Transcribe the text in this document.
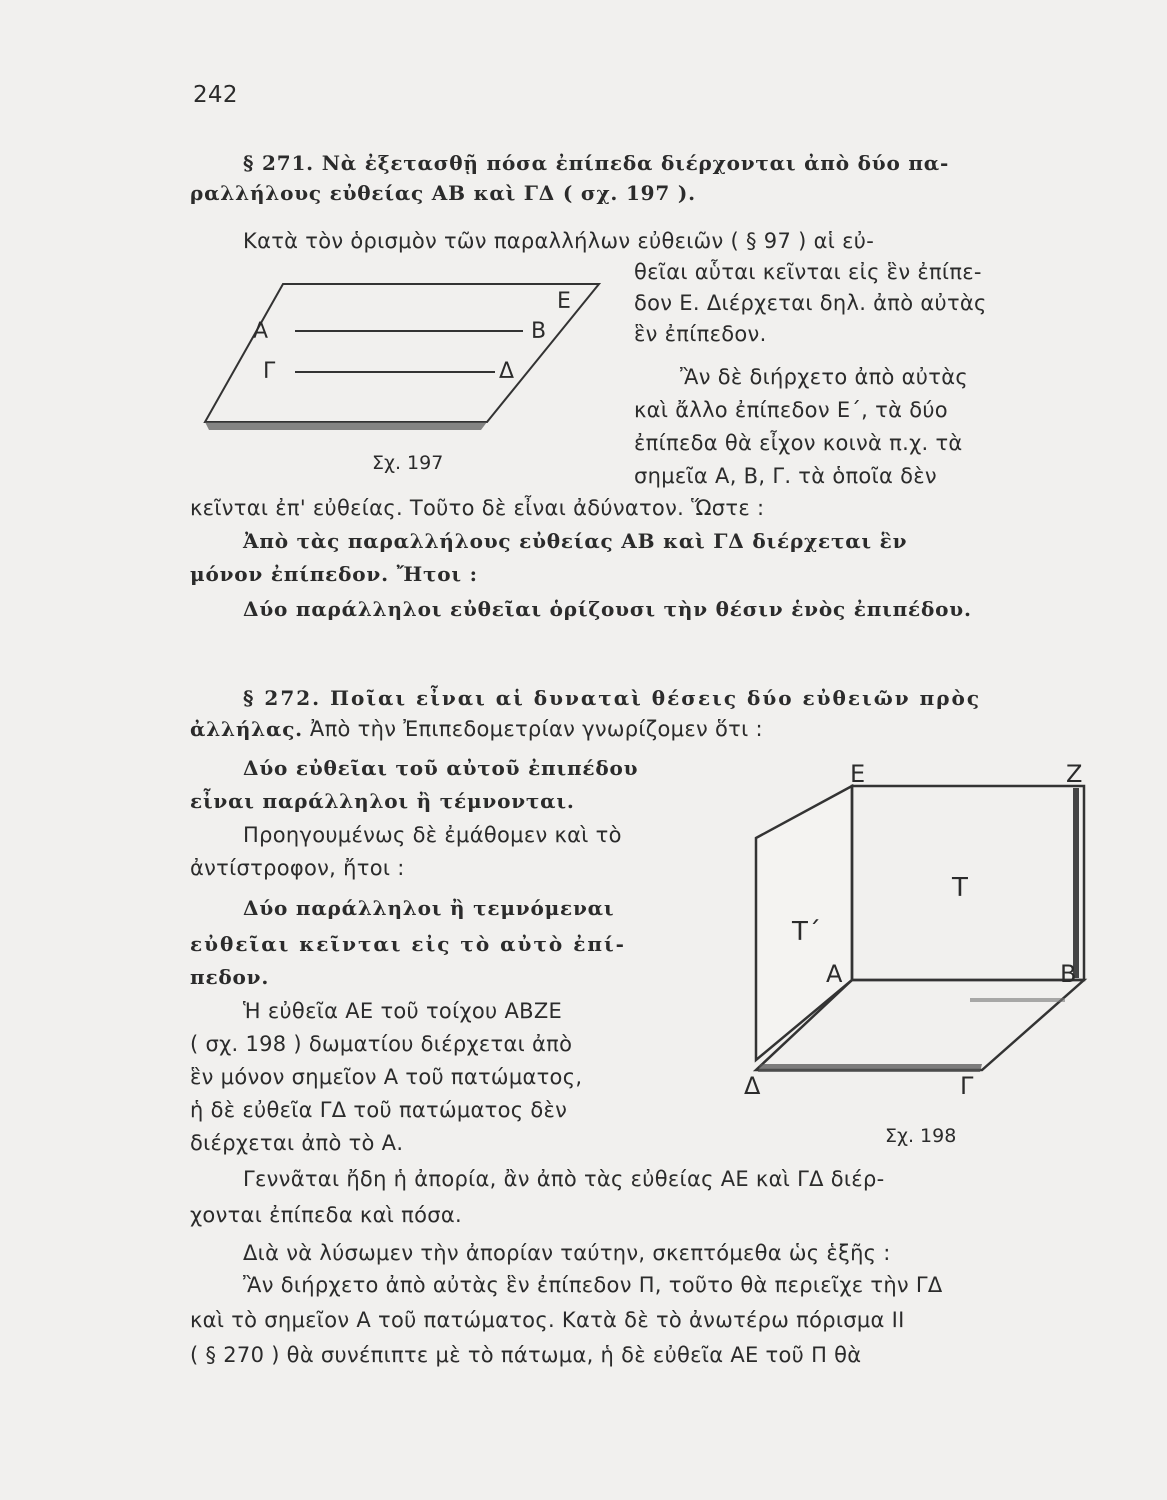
242
§ 271. Νὰ ἐξετασθῇ πόσα ἐπίπεδα διέρχονται ἀπὸ δύο πα-
ραλλήλους εὐθείας ΑΒ καὶ ΓΔ ( σχ. 197 ).
Κατὰ τὸν ὁρισμὸν τῶν παραλλήλων εὐθειῶν ( § 97 ) αἱ εὐ-
θεῖαι αὗται κεῖνται εἰς ἓν ἐπίπε-
δον Ε. Διέρχεται δηλ. ἀπὸ αὐτὰς
ἓν ἐπίπεδον.
Ἂν δὲ διήρχετο ἀπὸ αὐτὰς
καὶ ἄλλο ἐπίπεδον Ε΄, τὰ δύο
ἐπίπεδα θὰ εἶχον κοινὰ π.χ. τὰ
σημεῖα Α, Β, Γ. τὰ ὁποῖα δὲν
κεῖνται ἐπ' εὐθείας. Τοῦτο δὲ εἶναι ἀδύνατον. Ὥστε :
Ἀπὸ τὰς παραλλήλους εὐθείας ΑΒ καὶ ΓΔ διέρχεται ἓν
μόνον ἐπίπεδον. Ἤτοι :
Δύο παράλληλοι εὐθεῖαι ὁρίζουσι τὴν θέσιν ἑνὸς ἐπιπέδου.
Ε
Α	Β
Γ	Δ
Σχ. 197
§ 272. Ποῖαι εἶναι αἱ δυναταὶ θέσεις δύο εὐθειῶν πρὸς
ἀλλήλας. Ἀπὸ τὴν Ἐπιπεδομετρίαν γνωρίζομεν ὅτι :
Δύο εὐθεῖαι τοῦ αὐτοῦ ἐπιπέδου
εἶναι παράλληλοι ἢ τέμνονται.
Προηγουμένως δὲ ἐμάθομεν καὶ τὸ
ἀντίστροφον, ἤτοι :
Δύο παράλληλοι ἢ τεμνόμεναι
εὐθεῖαι κεῖνται εἰς τὸ αὐτὸ ἐπί-
πεδον.
Ἡ εὐθεῖα ΑΕ τοῦ τοίχου ΑΒΖΕ
( σχ. 198 ) δωματίου διέρχεται ἀπὸ
ἓν μόνον σημεῖον Α τοῦ πατώματος,
ἡ δὲ εὐθεῖα ΓΔ τοῦ πατώματος δὲν
διέρχεται ἀπὸ τὸ Α.
Γεννᾶται ἤδη ἡ ἀπορία, ἂν ἀπὸ τὰς εὐθείας ΑΕ καὶ ΓΔ διέρ-
χονται ἐπίπεδα καὶ πόσα.
Διὰ νὰ λύσωμεν τὴν ἀπορίαν ταύτην, σκεπτόμεθα ὡς ἑξῆς :
Ἂν διήρχετο ἀπὸ αὐτὰς ἓν ἐπίπεδον Π, τοῦτο θὰ περιεῖχε τὴν ΓΔ
καὶ τὸ σημεῖον Α τοῦ πατώματος. Κατὰ δὲ τὸ ἀνωτέρω πόρισμα ΙΙ
( § 270 ) θὰ συνέπιπτε μὲ τὸ πάτωμα, ἡ δὲ εὐθεῖα ΑΕ τοῦ Π θὰ
Ε	Ζ
Τ
Τ΄
Α	Β
Δ	Γ
Σχ. 198
